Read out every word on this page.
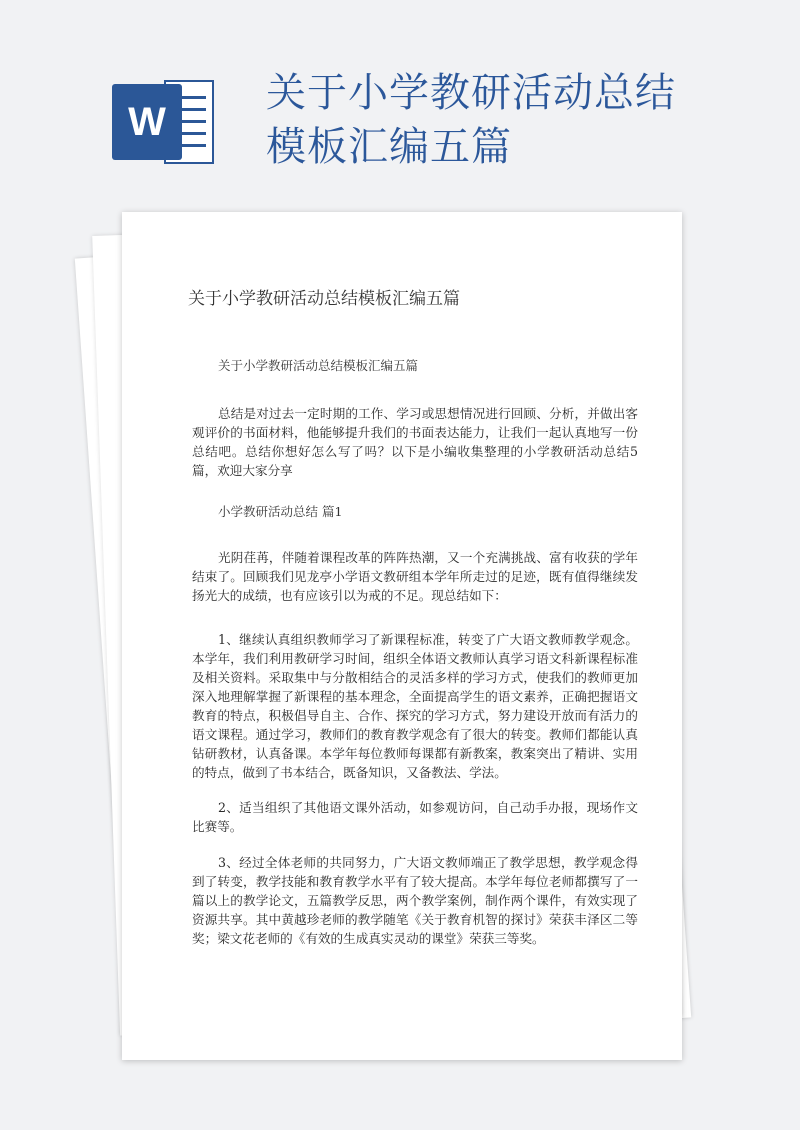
W
关于小学教研活动总结模板汇编五篇
关于小学教研活动总结模板汇编五篇

关于小学教研活动总结模板汇编五篇

总结是对过去一定时期的工作、学习或思想情况进行回顾、分析，并做出客观评价的书面材料，他能够提升我们的书面表达能力，让我们一起认真地写一份总结吧。总结你想好怎么写了吗？以下是小编收集整理的小学教研活动总结5篇，欢迎大家分享

小学教研活动总结 篇1

光阴荏苒，伴随着课程改革的阵阵热潮，又一个充满挑战、富有收获的学年结束了。回顾我们见龙亭小学语文教研组本学年所走过的足迹，既有值得继续发扬光大的成绩，也有应该引以为戒的不足。现总结如下：

1、继续认真组织教师学习了新课程标准，转变了广大语文教师教学观念。本学年，我们利用教研学习时间，组织全体语文教师认真学习语文科新课程标准及相关资料。采取集中与分散相结合的灵活多样的学习方式，使我们的教师更加深入地理解掌握了新课程的基本理念，全面提高学生的语文素养，正确把握语文教育的特点，积极倡导自主、合作、探究的学习方式，努力建设开放而有活力的语文课程。通过学习，教师们的教育教学观念有了很大的转变。教师们都能认真钻研教材，认真备课。本学年每位教师每课都有新教案，教案突出了精讲、实用的特点，做到了书本结合，既备知识，又备教法、学法。

2、适当组织了其他语文课外活动，如参观访问，自己动手办报，现场作文比赛等。

3、经过全体老师的共同努力，广大语文教师端正了教学思想，教学观念得到了转变，教学技能和教育教学水平有了较大提高。本学年每位老师都撰写了一篇以上的教学论文，五篇教学反思，两个教学案例，制作两个课件，有效实现了资源共享。其中黄越珍老师的教学随笔《关于教育机智的探讨》荣获丰泽区二等奖；梁文花老师的《有效的生成真实灵动的课堂》荣获三等奖。
